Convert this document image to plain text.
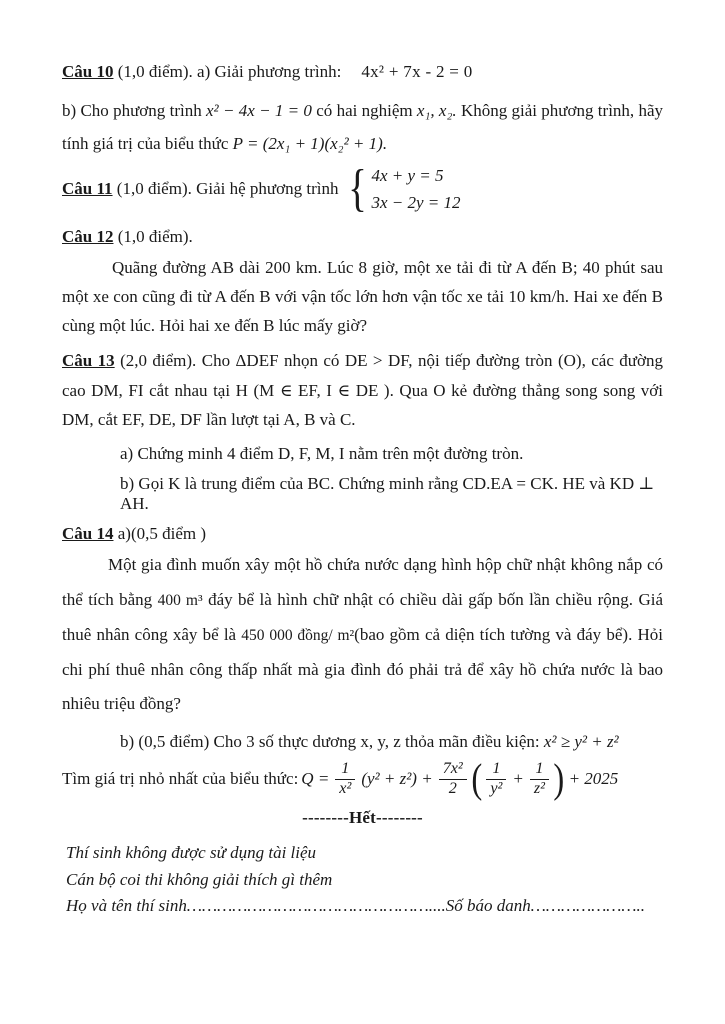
Câu 10 (1,0 điểm). a) Giải phương trình: 4x² + 7x - 2 = 0

b) Cho phương trình x² − 4x − 1 = 0 có hai nghiệm x₁, x₂. Không giải phương trình, hãy tính giá trị của biểu thức P = (2x₁ + 1)(x₂² + 1).

Câu 11 (1,0 điểm). Giải hệ phương trình { 4x + y = 5
3x − 2y = 12
Câu 12 (1,0 điểm).

Quãng đường AB dài 200 km. Lúc 8 giờ, một xe tải đi từ A đến B; 40 phút sau một xe con cũng đi từ A đến B với vận tốc lớn hơn vận tốc xe tải 10 km/h. Hai xe đến B cùng một lúc. Hỏi hai xe đến B lúc mấy giờ?

Câu 13 (2,0 điểm). Cho ΔDEF nhọn có DE > DF, nội tiếp đường tròn (O), các đường cao DM, FI cắt nhau tại H (M ∈ EF, I ∈ DE ). Qua O kẻ đường thẳng song song với DM, cắt EF, DE, DF lần lượt tại A, B và C.

a) Chứng minh 4 điểm D, F, M, I nằm trên một đường tròn.
b) Gọi K là trung điểm của BC. Chứng minh rằng CD.EA = CK. HE và KD ⊥ AH.
Câu 14 a)(0,5 điểm )

Một gia đình muốn xây một hồ chứa nước dạng hình hộp chữ nhật không nắp có thể tích bằng 400 m³ đáy bể là hình chữ nhật có chiều dài gấp bốn lần chiều rộng. Giá thuê nhân công xây bể là 450 000 đồng/ m²(bao gồm cả diện tích tường và đáy bể). Hỏi chi phí thuê nhân công thấp nhất mà gia đình đó phải trả để xây hồ chứa nước là bao nhiêu triệu đồng?

b) (0,5 điểm) Cho 3 số thực dương x, y, z thỏa mãn điều kiện: x² ≥ y² + z²
Tìm giá trị nhỏ nhất của biểu thức: $Q = \frac{1}{\text{x²}} (y^2 + z^2) + \frac{\text{7x²}}{2}$ ( $\frac{1}{\text{y²}} + \frac{1}{\text{z²}}$ ) + 2025
--------Hết--------
Thí sinh không được sử dụng tài liệu
Cán bộ coi thi không giải thích gì thêm
Họ và tên thí sinh…………………………………………....Số báo danh…………………..
